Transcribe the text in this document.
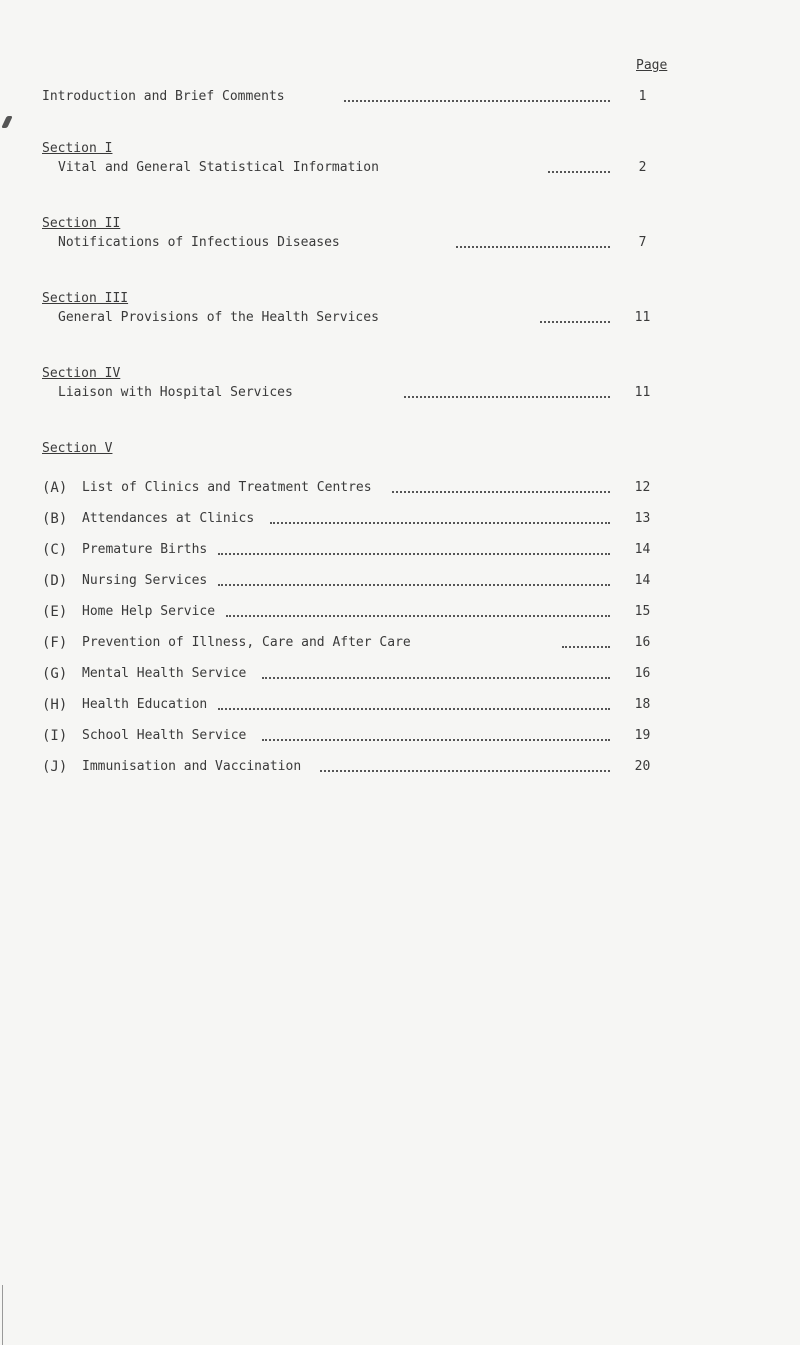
Page
Introduction and Brief Comments	1
Section I
Vital and General Statistical Information	2
Section II
Notifications of Infectious Diseases	7
Section III
General Provisions of the Health Services	11
Section IV
Liaison with Hospital Services	11
Section V
(A) List of Clinics and Treatment Centres	12
(B) Attendances at Clinics	13
(C) Premature Births	14
(D) Nursing Services	14
(E) Home Help Service	15
(F) Prevention of Illness, Care and After Care	16
(G) Mental Health Service	16
(H) Health Education	18
(I) School Health Service	19
(J) Immunisation and Vaccination	20
